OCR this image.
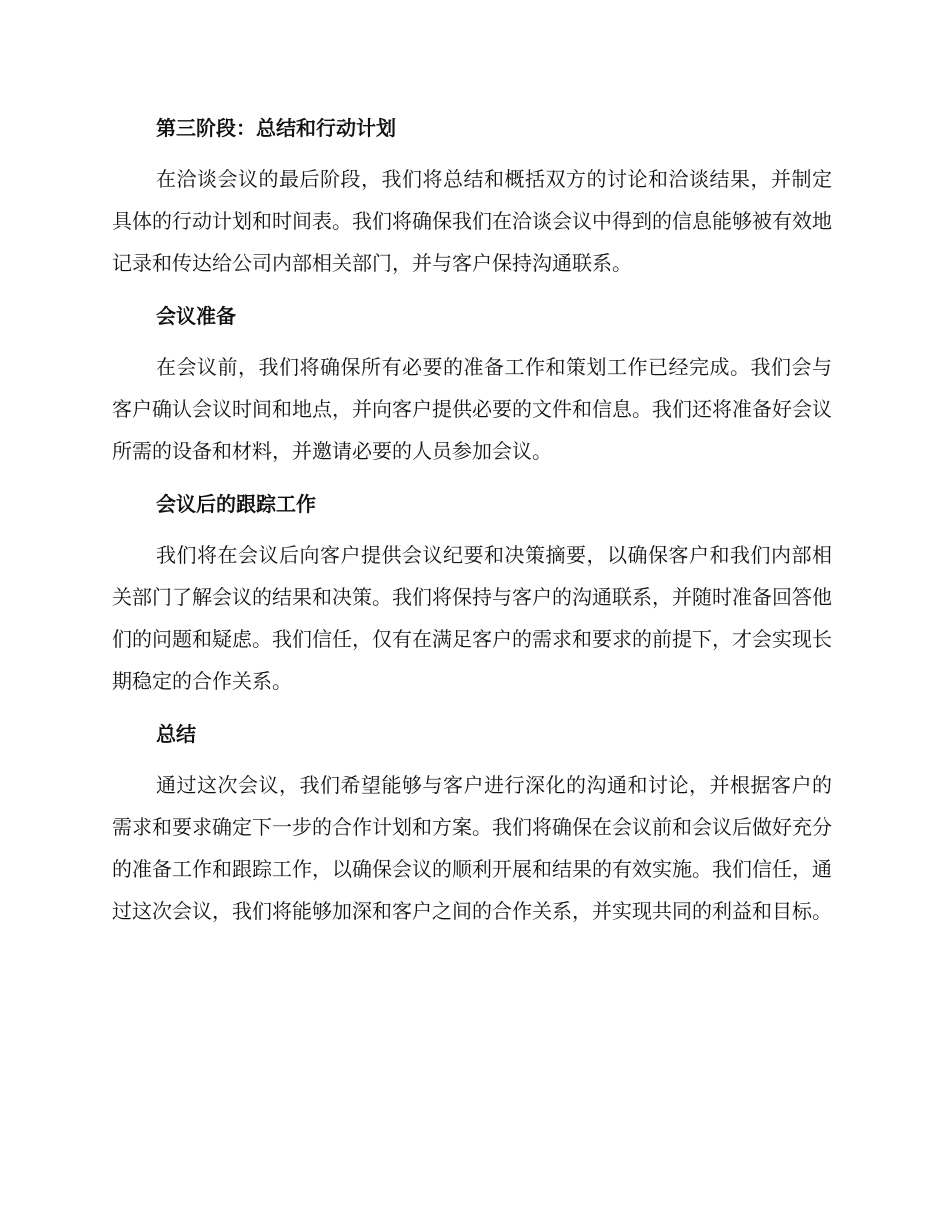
第三阶段：总结和行动计划

在洽谈会议的最后阶段，我们将总结和概括双方的讨论和洽谈结果，并制定具体的行动计划和时间表。我们将确保我们在洽谈会议中得到的信息能够被有效地记录和传达给公司内部相关部门，并与客户保持沟通联系。

会议准备

在会议前，我们将确保所有必要的准备工作和策划工作已经完成。我们会与客户确认会议时间和地点，并向客户提供必要的文件和信息。我们还将准备好会议所需的设备和材料，并邀请必要的人员参加会议。

会议后的跟踪工作

我们将在会议后向客户提供会议纪要和决策摘要，以确保客户和我们内部相关部门了解会议的结果和决策。我们将保持与客户的沟通联系，并随时准备回答他们的问题和疑虑。我们信任，仅有在满足客户的需求和要求的前提下，才会实现长期稳定的合作关系。

总结

通过这次会议，我们希望能够与客户进行深化的沟通和讨论，并根据客户的需求和要求确定下一步的合作计划和方案。我们将确保在会议前和会议后做好充分的准备工作和跟踪工作，以确保会议的顺利开展和结果的有效实施。我们信任，通过这次会议，我们将能够加深和客户之间的合作关系，并实现共同的利益和目标。
